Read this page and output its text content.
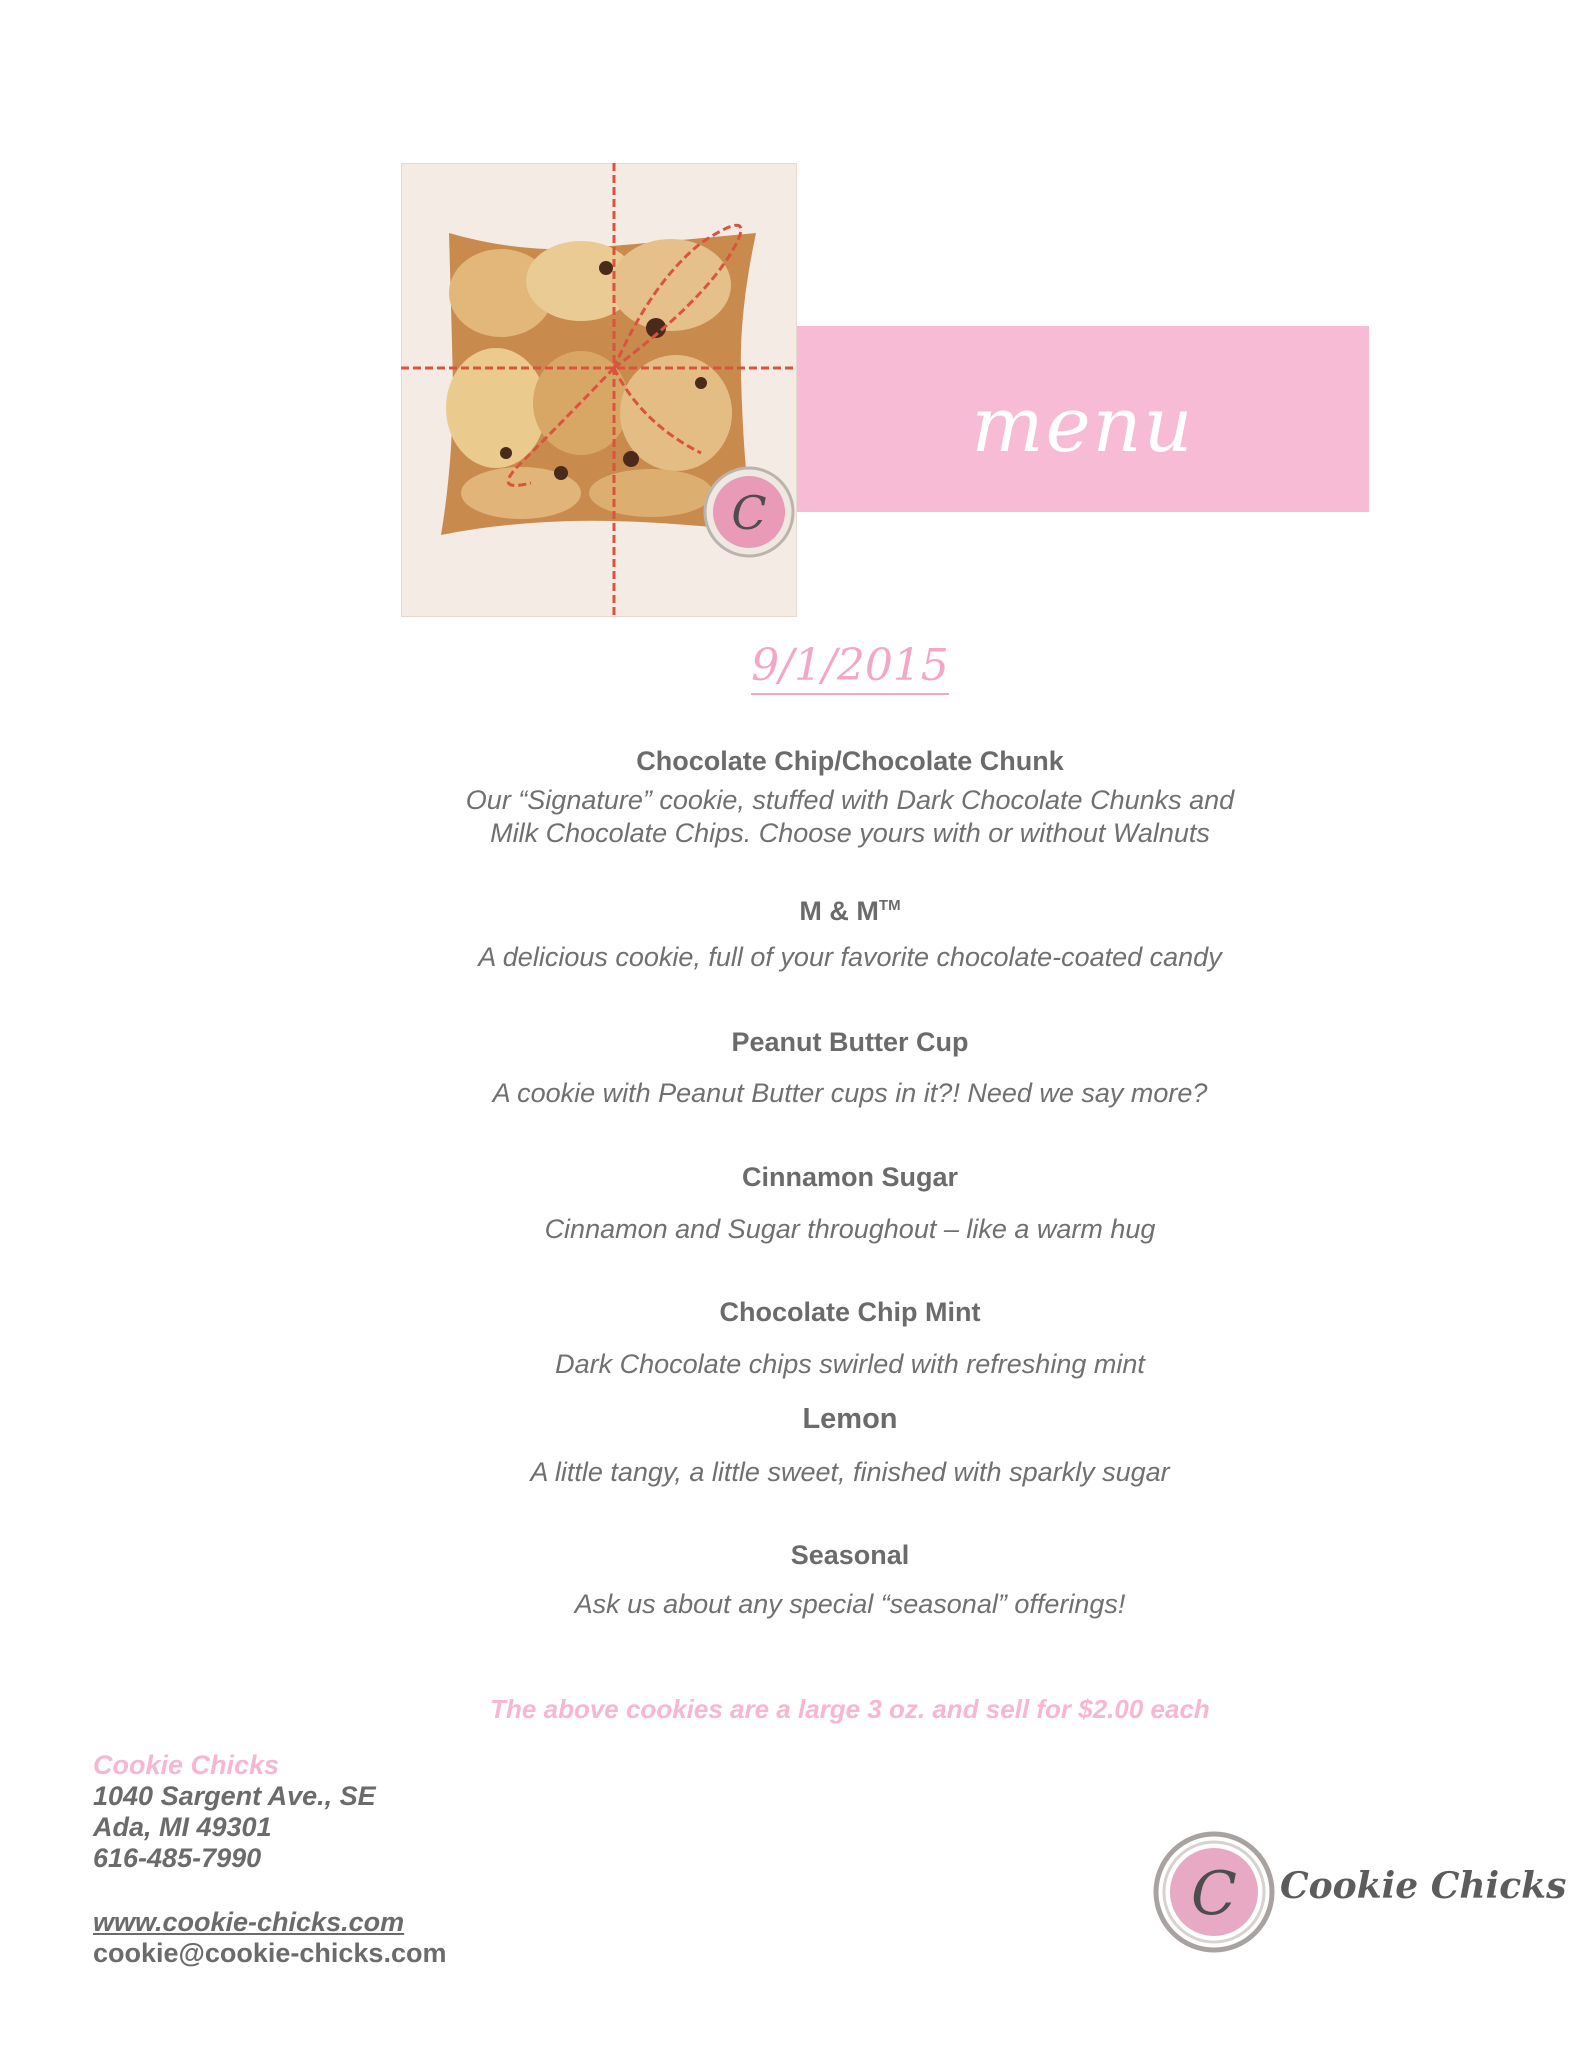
C
menu
9/1/2015
Chocolate Chip/Chocolate Chunk
Our “Signature” cookie, stuffed with Dark Chocolate Chunks and
Milk Chocolate Chips. Choose yours with or without Walnuts
M & M™
A delicious cookie, full of your favorite chocolate-coated candy
Peanut Butter Cup
A cookie with Peanut Butter cups in it?! Need we say more?
Cinnamon Sugar
Cinnamon and Sugar throughout – like a warm hug
Chocolate Chip Mint
Dark Chocolate chips swirled with refreshing mint
Lemon
A little tangy, a little sweet, finished with sparkly sugar
Seasonal
Ask us about any special “seasonal” offerings!
The above cookies are a large 3 oz. and sell for $2.00 each
Cookie Chicks
1040 Sargent Ave., SE
Ada, MI 49301
616-485-7990
www.cookie-chicks.com
cookie@cookie-chicks.com
C Cookie Chicks
